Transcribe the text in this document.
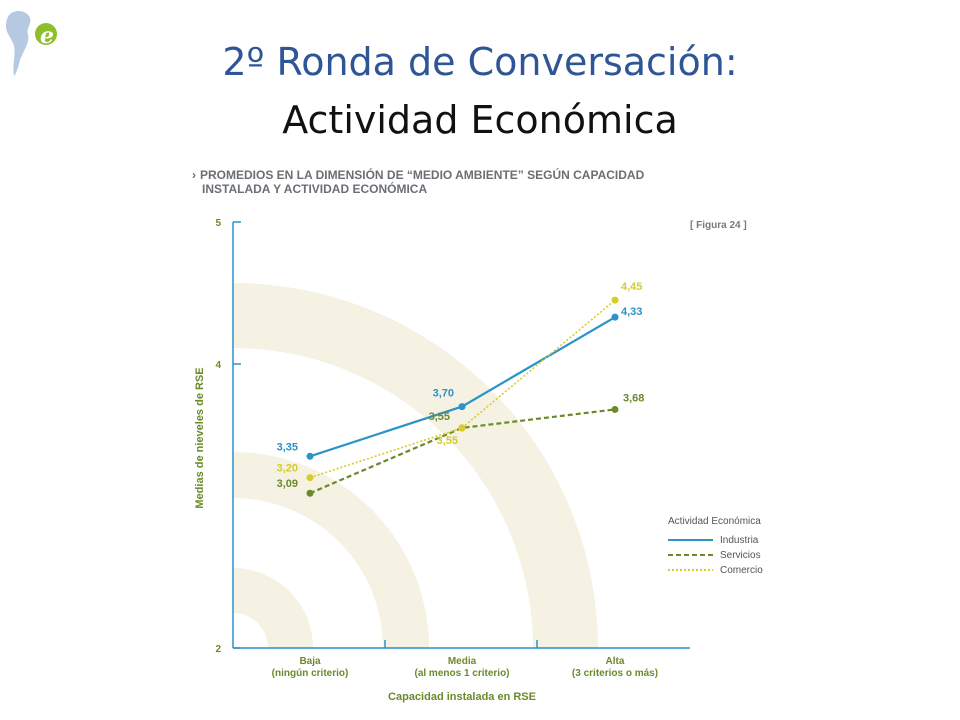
e
2º Ronda de Conversación:
Actividad Económica
› PROMEDIOS EN LA DIMENSIÓN DE “MEDIO AMBIENTE” SEGÚN CAPACIDAD
INSTALADA Y ACTIVIDAD ECONÓMICA
2
4
5
Baja
(ningún criterio)
Media
(al menos 1 criterio)
Alta
(3 criterios o más)
Capacidad instalada en RSE
Medias de nieveles de RSE	3,35
3,70
4,33
3,09
3,55
3,68
3,20
3,55
4,45
Actividad Económica
Industria
Servicios
Comercio
[ Figura 24 ]
